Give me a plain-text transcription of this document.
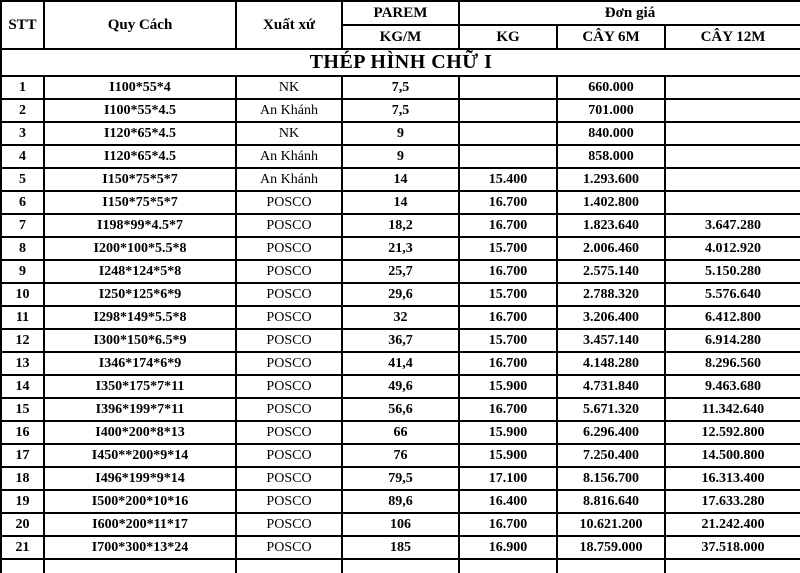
STT	Quy Cách	Xuất xứ	PAREM	Đơn giá		
			KG/M	KG	CÂY 6M	CÂY 12M
THÉP HÌNH CHỮ I						
1	I100*55*4	NK	7,5		660.000	
2	I100*55*4.5	An Khánh	7,5		701.000	
3	I120*65*4.5	NK	9		840.000	
4	I120*65*4.5	An Khánh	9		858.000	
5	I150*75*5*7	An Khánh	14	15.400	1.293.600	
6	I150*75*5*7	POSCO	14	16.700	1.402.800	
7	I198*99*4.5*7	POSCO	18,2	16.700	1.823.640	3.647.280
8	I200*100*5.5*8	POSCO	21,3	15.700	2.006.460	4.012.920
9	I248*124*5*8	POSCO	25,7	16.700	2.575.140	5.150.280
10	I250*125*6*9	POSCO	29,6	15.700	2.788.320	5.576.640
11	I298*149*5.5*8	POSCO	32	16.700	3.206.400	6.412.800
12	I300*150*6.5*9	POSCO	36,7	15.700	3.457.140	6.914.280
13	I346*174*6*9	POSCO	41,4	16.700	4.148.280	8.296.560
14	I350*175*7*11	POSCO	49,6	15.900	4.731.840	9.463.680
15	I396*199*7*11	POSCO	56,6	16.700	5.671.320	11.342.640
16	I400*200*8*13	POSCO	66	15.900	6.296.400	12.592.800
17	I450**200*9*14	POSCO	76	15.900	7.250.400	14.500.800
18	I496*199*9*14	POSCO	79,5	17.100	8.156.700	16.313.400
19	I500*200*10*16	POSCO	89,6	16.400	8.816.640	17.633.280
20	I600*200*11*17	POSCO	106	16.700	10.621.200	21.242.400
21	I700*300*13*24	POSCO	185	16.900	18.759.000	37.518.000
